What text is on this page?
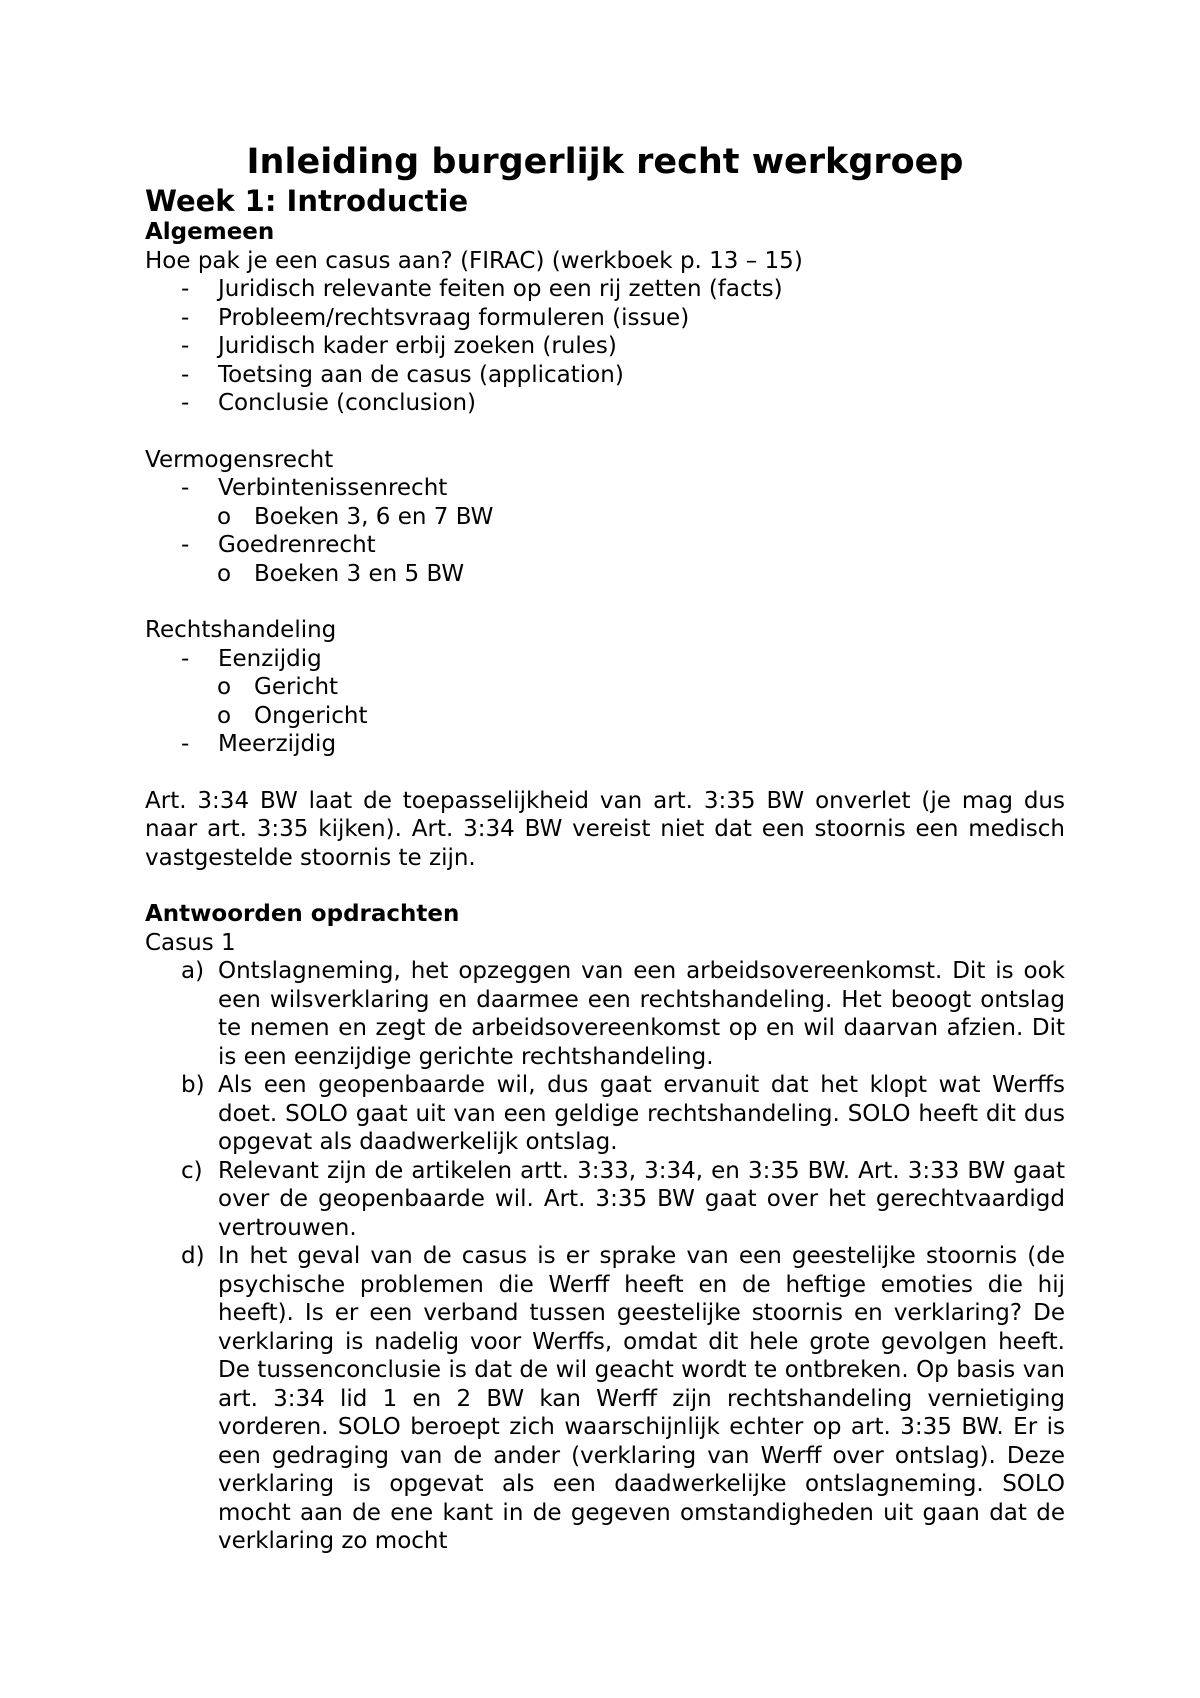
Inleiding burgerlijk recht werkgroep
Week 1: Introductie

Algemeen

Hoe pak je een casus aan? (FIRAC) (werkboek p. 13 – 15)

- Juridisch relevante feiten op een rij zetten (facts)
- Probleem/rechtsvraag formuleren (issue)
- Juridisch kader erbij zoeken (rules)
- Toetsing aan de casus (application)
- Conclusie (conclusion)

Vermogensrecht

- Verbintenissenrecht
o Boeken 3, 6 en 7 BW
- Goedrenrecht
o Boeken 3 en 5 BW

Rechtshandeling

- Eenzijdig
o Gericht
o Ongericht
- Meerzijdig

Art. 3:34 BW laat de toepasselijkheid van art. 3:35 BW onverlet (je mag dus naar art. 3:35 kijken). Art. 3:34 BW vereist niet dat een stoornis een medisch vastgestelde stoornis te zijn.

Antwoorden opdrachten

Casus 1

a) Ontslagneming, het opzeggen van een arbeidsovereenkomst. Dit is ook een wilsverklaring en daarmee een rechtshandeling. Het beoogt ontslag te nemen en zegt de arbeidsovereenkomst op en wil daarvan afzien. Dit is een eenzijdige gerichte rechtshandeling.
b) Als een geopenbaarde wil, dus gaat ervanuit dat het klopt wat Werffs doet. SOLO gaat uit van een geldige rechtshandeling. SOLO heeft dit dus opgevat als daadwerkelijk ontslag.
c) Relevant zijn de artikelen artt. 3:33, 3:34, en 3:35 BW. Art. 3:33 BW gaat over de geopenbaarde wil. Art. 3:35 BW gaat over het gerechtvaardigd vertrouwen.
d) In het geval van de casus is er sprake van een geestelijke stoornis (de psychische problemen die Werff heeft en de heftige emoties die hij heeft). Is er een verband tussen geestelijke stoornis en verklaring? De verklaring is nadelig voor Werffs, omdat dit hele grote gevolgen heeft. De tussenconclusie is dat de wil geacht wordt te ontbreken. Op basis van art. 3:34 lid 1 en 2 BW kan Werff zijn rechtshandeling vernietiging vorderen. SOLO beroept zich waarschijnlijk echter op art. 3:35 BW. Er is een gedraging van de ander (verklaring van Werff over ontslag). Deze verklaring is opgevat als een daadwerkelijke ontslagneming. SOLO mocht aan de ene kant in de gegeven omstandigheden uit gaan dat de verklaring zo mocht
